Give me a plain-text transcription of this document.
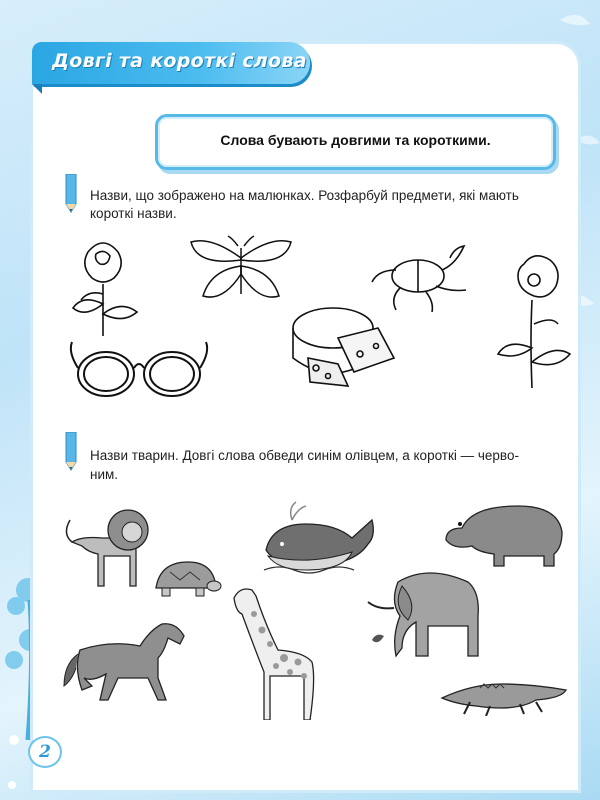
Довгі та короткі слова
Слова бувають довгими та короткими.
Назви, що зображено на малюнках. Розфарбуй предмети, які мають
короткі назви.
Назви тварин. Довгі слова обведи синім олівцем, а короткі — черво-
ним.
2
